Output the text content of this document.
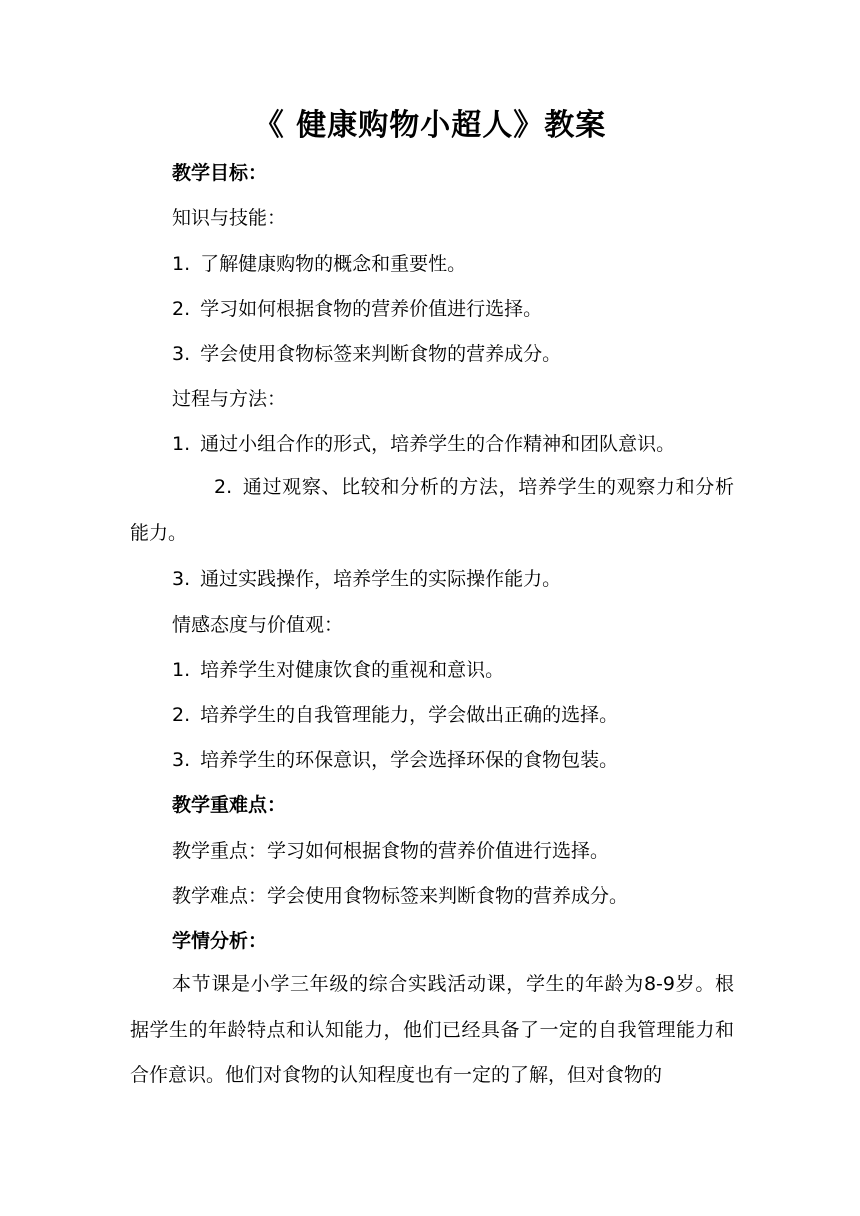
《 健康购物小超人》教案
教学目标：
知识与技能：
1. 了解健康购物的概念和重要性。
2. 学习如何根据食物的营养价值进行选择。
3. 学会使用食物标签来判断食物的营养成分。
过程与方法：
1. 通过小组合作的形式，培养学生的合作精神和团队意识。
2. 通过观察、比较和分析的方法，培养学生的观察力和分析能力。
3. 通过实践操作，培养学生的实际操作能力。
情感态度与价值观：
1. 培养学生对健康饮食的重视和意识。
2. 培养学生的自我管理能力，学会做出正确的选择。
3. 培养学生的环保意识，学会选择环保的食物包装。
教学重难点：
教学重点：学习如何根据食物的营养价值进行选择。
教学难点：学会使用食物标签来判断食物的营养成分。
学情分析：
本节课是小学三年级的综合实践活动课，学生的年龄为8-9岁。根据学生的年龄特点和认知能力，他们已经具备了一定的自我管理能力和合作意识。他们对食物的认知程度也有一定的了解，但对食物的
